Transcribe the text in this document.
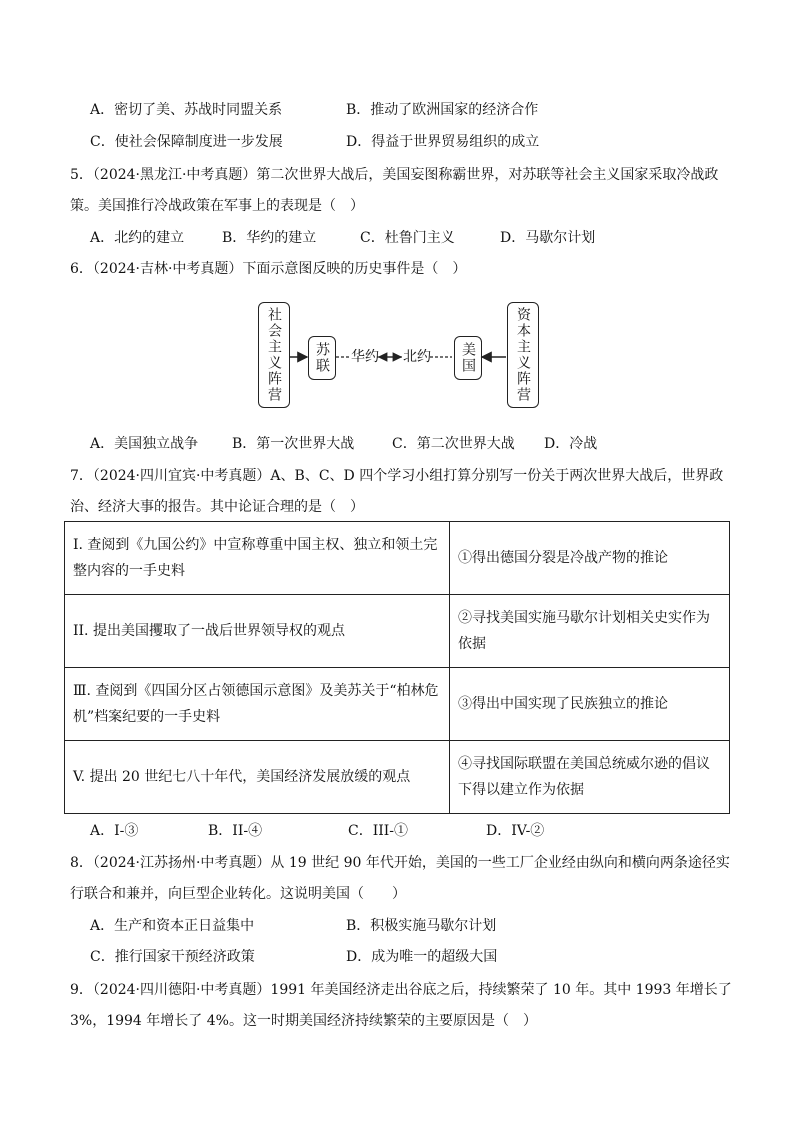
A．密切了美、苏战时同盟关系	B．推动了欧洲国家的经济合作
C．使社会保障制度进一步发展	D．得益于世界贸易组织的成立
5．（2024·黑龙江·中考真题）第二次世界大战后，美国妄图称霸世界，对苏联等社会主义国家采取冷战政
策。美国推行冷战政策在军事上的表现是（　）
A．北约的建立	B．华约的建立	C．杜鲁门主义	D．马歇尔计划
6．（2024·吉林·中考真题）下面示意图反映的历史事件是（　）
社会主义阵营 苏联	美国	资本主义阵营
华约 北约
A．美国独立战争 B．第一次世界大战	C．第二次世界大战 D．冷战
7．（2024·四川宜宾·中考真题）A、B、C、D 四个学习小组打算分别写一份关于两次世界大战后，世界政
治、经济大事的报告。其中论证合理的是（　）
I. 查阅到《九国公约》中宣称尊重中国主权、独立和领土完整内容的一手史料	①得出德国分裂是冷战产物的推论
II. 提出美国攫取了一战后世界领导权的观点	②寻找美国实施马歇尔计划相关史实作为依据
Ⅲ. 查阅到《四国分区占领德国示意图》及美苏关于“柏林危机”档案纪要的一手史料	③得出中国实现了民族独立的推论
V. 提出 20 世纪七八十年代，美国经济发展放缓的观点	④寻找国际联盟在美国总统威尔逊的倡议下得以建立作为依据
A．I-③	B．II-④	C．III-①	D．IV-②
8．（2024·江苏扬州·中考真题）从 19 世纪 90 年代开始，美国的一些工厂企业经由纵向和横向两条途径实
行联合和兼并，向巨型企业转化。这说明美国（　　）
A．生产和资本正日益集中	B．积极实施马歇尔计划
C．推行国家干预经济政策	D．成为唯一的超级大国
9．（2024·四川德阳·中考真题）1991 年美国经济走出谷底之后，持续繁荣了 10 年。其中 1993 年增长了
3%，1994 年增长了 4%。这一时期美国经济持续繁荣的主要原因是（　）
